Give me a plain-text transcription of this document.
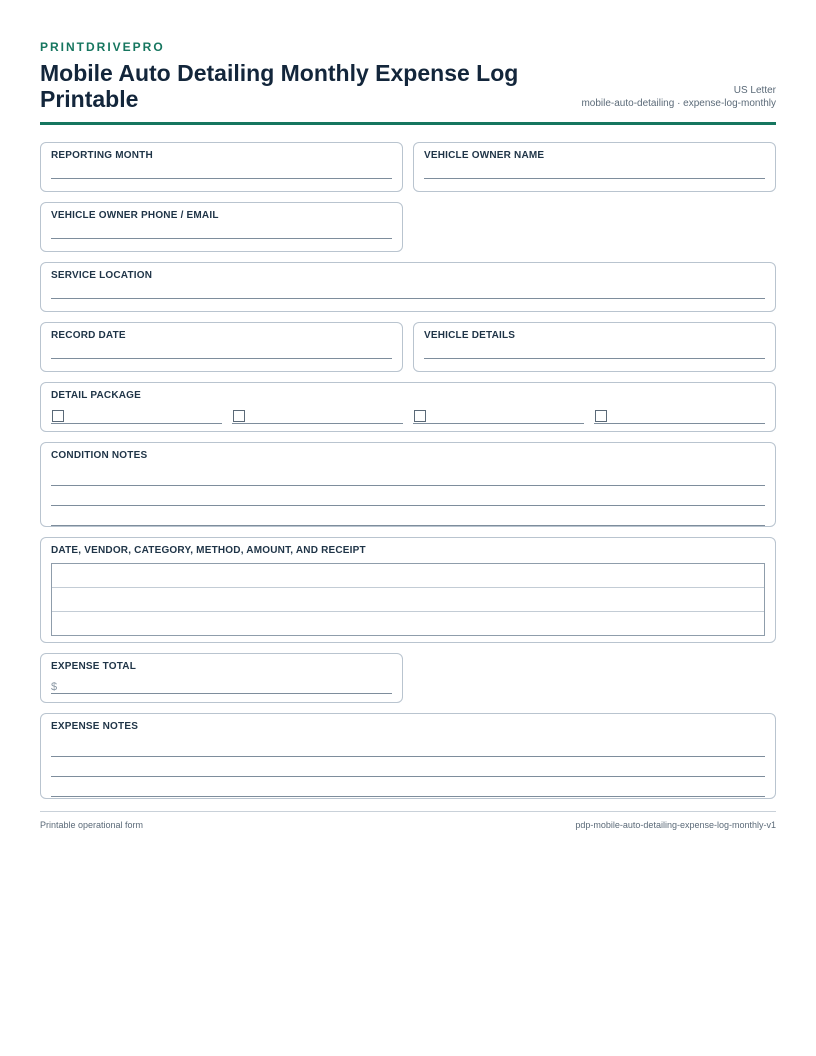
PRINTDRIVEPRO
Mobile Auto Detailing Monthly Expense Log Printable	US Letter
mobile-auto-detailing · expense-log-monthly
REPORTING MONTH	VEHICLE OWNER NAME
VEHICLE OWNER PHONE / EMAIL
SERVICE LOCATION
RECORD DATE	VEHICLE DETAILS
DETAIL PACKAGE
CONDITION NOTES
DATE, VENDOR, CATEGORY, METHOD, AMOUNT, AND RECEIPT
EXPENSE TOTAL
$
EXPENSE NOTES
Printable operational form	pdp-mobile-auto-detailing-expense-log-monthly-v1
